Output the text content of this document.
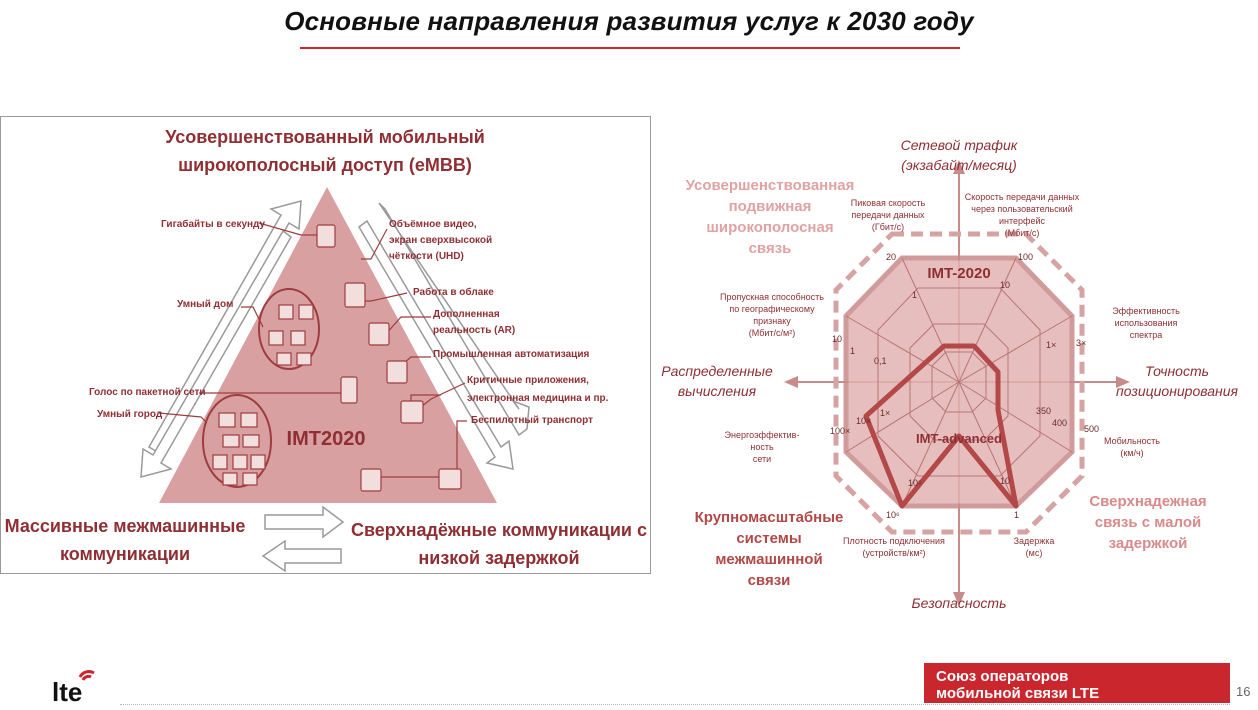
Основные направления развития услуг к 2030 году
Усовершенствованный мобильный
широкополосный доступ (eMBB)
IMT2020
Массивные межмашинные
коммуникации
Сверхнадёжные коммуникации с
низкой задержкой
Гигабайты в секунду
Умный дом
Голос по пакетной сети
Умный город
Объёмное видео,
экран сверхвысокой
чёткости (UHD)
Работа в облаке
Дополненная
реальность (AR)
Промышленная автоматизация
Критичные приложения,
электронная медицина и пр.
Беспилотный транспорт
IMT-2020
IMT-advanced
Сетевой трафик
(экзабайт/месяц)
Безопасность
Точность
позиционирования
Распределенные
вычисления
Усовершенствованная
подвижная
широкополосная
связь
Сверхнадежная
связь с малой
задержкой
Крупномасштабные
системы
межмашинной
связи
Пиковая скорость
передачи данных
(Гбит/с)
Скорость передачи данных
через пользовательский
интерфейс
(Мбит/с)
Эффективность
использования
спектра
Мобильность
(км/ч)
Задержка
(мс)
Плотность подключения
(устройств/км²)
Энергоэффектив-
ность
сети
Пропускная способность
по географическому
признаку
(Мбит/с/м²)
20
1
100
10
3×
1×
500
350
400
1
10
10⁶
10⁵
100×
10×
1×
10
1
0,1
lte
Союз операторов
мобильной связи LTE	16
